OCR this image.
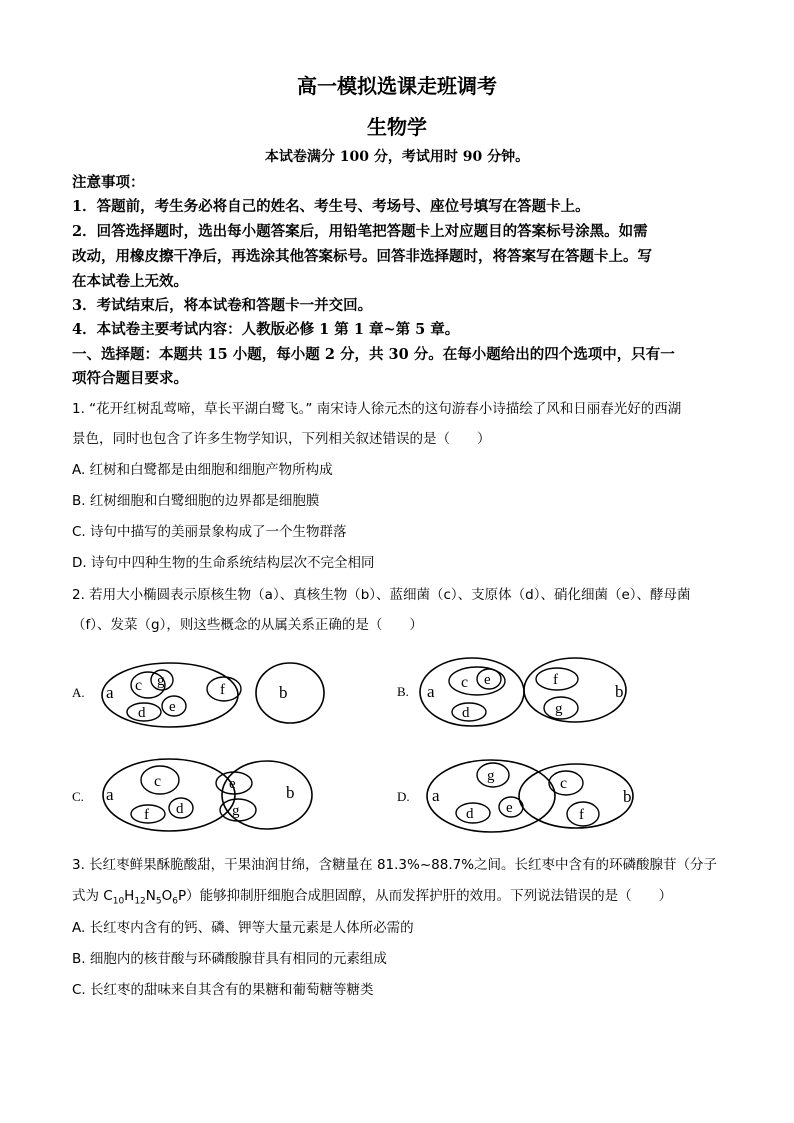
高一模拟选课走班调考
生物学
本试卷满分 100 分，考试用时 90 分钟。
注意事项：
1．答题前，考生务必将自己的姓名、考生号、考场号、座位号填写在答题卡上。
2．回答选择题时，选出每小题答案后，用铅笔把答题卡上对应题目的答案标号涂黑。如需
改动，用橡皮擦干净后，再选涂其他答案标号。回答非选择题时，将答案写在答题卡上。写
在本试卷上无效。
3．考试结束后，将本试卷和答题卡一并交回。
4．本试卷主要考试内容：人教版必修 1 第 1 章~第 5 章。
一、选择题：本题共 15 小题，每小题 2 分，共 30 分。在每小题给出的四个选项中，只有一
项符合题目要求。
1. “花开红树乱莺啼，草长平湖白鹭飞。” 南宋诗人徐元杰的这句游春小诗描绘了风和日丽春光好的西湖
景色，同时也包含了许多生物学知识，下列相关叙述错误的是（　　）
A. 红树和白鹭都是由细胞和细胞产物所构成
B. 红树细胞和白鹭细胞的边界都是细胞膜
C. 诗句中描写的美丽景象构成了一个生物群落
D. 诗句中四种生物的生命系统结构层次不完全相同
2. 若用大小椭圆表示原核生物（a）、真核生物（b）、蓝细菌（c）、支原体（d）、硝化细菌（e）、酵母菌
（f）、发菜（g），则这些概念的从属关系正确的是（　　）
A. a	b
c g
d e
f	B. a	b
c e
d
f
g
C. a	b
c
f d
e
g
D. a	b
g
d e
c
f
3. 长红枣鲜果酥脆酸甜，干果油润甘绵，含糖量在 81.3%~88.7%之间。长红枣中含有的环磷酸腺苷（分子
式为 $C_{10}H_{12}N_5O_6P$）能够抑制肝细胞合成胆固醇，从而发挥护肝的效用。下列说法错误的是（　　）
A. 长红枣内含有的钙、磷、钾等大量元素是人体所必需的
B. 细胞内的核苷酸与环磷酸腺苷具有相同的元素组成
C. 长红枣的甜味来自其含有的果糖和葡萄糖等糖类
